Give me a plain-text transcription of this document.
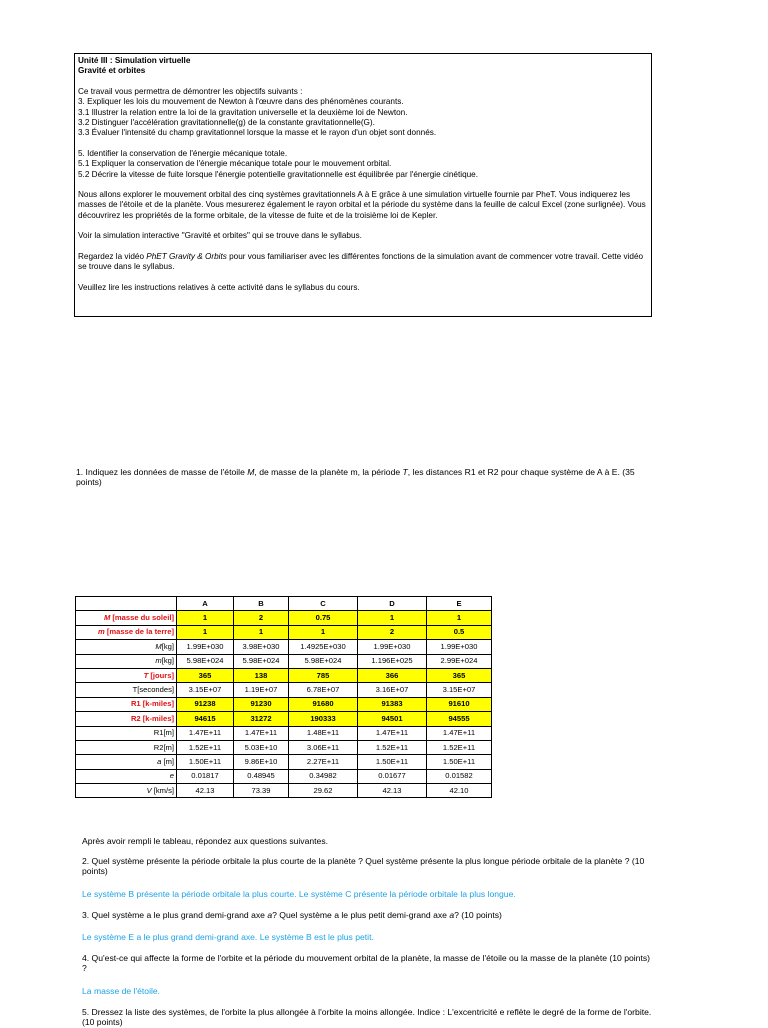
Unité III : Simulation virtuelle
Gravité et orbites
Ce travail vous permettra de démontrer les objectifs suivants :
3. Expliquer les lois du mouvement de Newton à l'œuvre dans des phénomènes courants.
3.1 Illustrer la relation entre la loi de la gravitation universelle et la deuxième loi de Newton.
3.2 Distinguer l'accélération gravitationnelle(g) de la constante gravitationnelle(G).
3.3 Évaluer l'intensité du champ gravitationnel lorsque la masse et le rayon d'un objet sont donnés.
5. Identifier la conservation de l'énergie mécanique totale.
5.1 Expliquer la conservation de l'énergie mécanique totale pour le mouvement orbital.
5.2 Décrire la vitesse de fuite lorsque l'énergie potentielle gravitationnelle est équilibrée par l'énergie cinétique.
Nous allons explorer le mouvement orbital des cinq systèmes gravitationnels A à E grâce à une simulation virtuelle fournie par PheT. Vous indiquerez les masses de l'étoile et de la planète. Vous mesurerez également le rayon orbital et la période du système dans la feuille de calcul Excel (zone surlignée). Vous découvrirez les propriétés de la forme orbitale, de la vitesse de fuite et de la troisième loi de Kepler.
Voir la simulation interactive "Gravité et orbites" qui se trouve dans le syllabus.
Regardez la vidéo PhET Gravity & Orbits pour vous familiariser avec les différentes fonctions de la simulation avant de commencer votre travail. Cette vidéo se trouve dans le syllabus.
Veuillez lire les instructions relatives à cette activité dans le syllabus du cours.
1. Indiquez les données de masse de l'étoile M, de masse de la planète m, la période T, les distances R1 et R2 pour chaque système de A à E. (35 points)
	A	B	C	D	E
M [masse du soleil]	1	2	0.75	1	1
m [masse de la terre]	1	1	1	2	0.5
M[kg]	1.99E+030	3.98E+030	1.4925E+030	1.99E+030	1.99E+030
m[kg]	5.98E+024	5.98E+024	5.98E+024	1.196E+025	2.99E+024
T [jours]	365	138	785	366	365
T[secondes]	3.15E+07	1.19E+07	6.78E+07	3.16E+07	3.15E+07
R1 [k-miles]	91238	91230	91680	91383	91610
R2 [k-miles]	94615	31272	190333	94501	94555
R1[m]	1.47E+11	1.47E+11	1.48E+11	1.47E+11	1.47E+11
R2[m]	1.52E+11	5.03E+10	3.06E+11	1.52E+11	1.52E+11
a [m]	1.50E+11	9.86E+10	2.27E+11	1.50E+11	1.50E+11
e	0.01817	0.48945	0.34982	0.01677	0.01582
V [km/s]	42.13	73.39	29.62	42.13	42.10
Après avoir rempli le tableau, répondez aux questions suivantes.
2. Quel système présente la période orbitale la plus courte de la planète ? Quel système présente la plus longue période orbitale de la planète ? (10 points)
Le système B présente la période orbitale la plus courte. Le système C présente la période orbitale la plus longue.
3. Quel système a le plus grand demi-grand axe a? Quel système a le plus petit demi-grand axe a? (10 points)
Le système E a le plus grand demi-grand axe. Le système B est le plus petit.
4. Qu'est-ce qui affecte la forme de l'orbite et la période du mouvement orbital de la planète, la masse de l'étoile ou la masse de la planète (10 points) ?
La masse de l'étoile.
5. Dressez la liste des systèmes, de l'orbite la plus allongée à l'orbite la moins allongée. Indice : L'excentricité e reflète le degré de la forme de l'orbite. (10 points)
